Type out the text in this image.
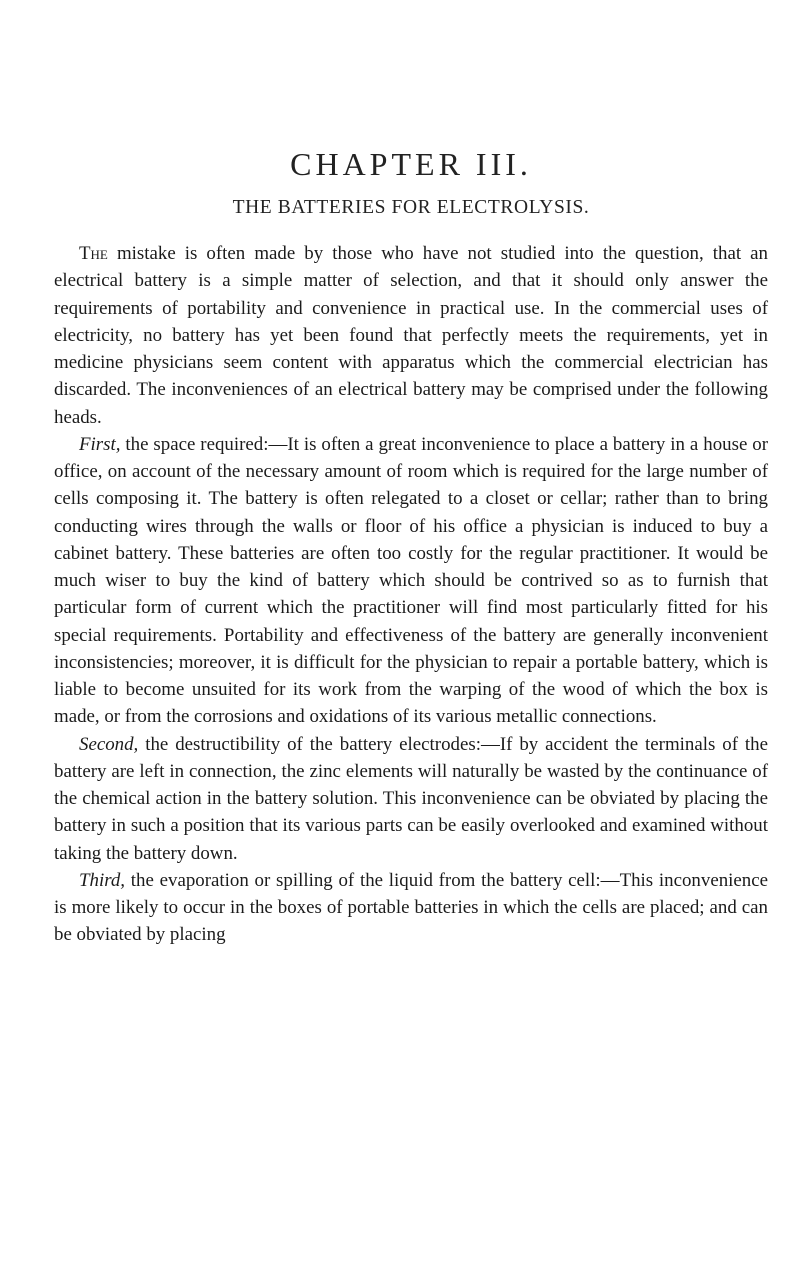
CHAPTER III.
THE BATTERIES FOR ELECTROLYSIS.

The mistake is often made by those who have not studied into the question, that an electrical battery is a simple matter of selection, and that it should only answer the requirements of portability and convenience in practical use. In the commercial uses of electricity, no battery has yet been found that perfectly meets the requirements, yet in medicine physicians seem content with apparatus which the commercial electrician has discarded. The inconveniences of an electrical battery may be comprised under the following heads.

First, the space required:—It is often a great inconvenience to place a battery in a house or office, on account of the necessary amount of room which is required for the large number of cells composing it. The battery is often relegated to a closet or cellar; rather than to bring conducting wires through the walls or floor of his office a physician is induced to buy a cabinet battery. These batteries are often too costly for the regular practitioner. It would be much wiser to buy the kind of battery which should be contrived so as to furnish that particular form of current which the practitioner will find most particularly fitted for his special requirements. Portability and effectiveness of the battery are generally inconvenient inconsistencies; moreover, it is difficult for the physician to repair a portable battery, which is liable to become unsuited for its work from the warping of the wood of which the box is made, or from the corrosions and oxidations of its various metallic connections.

Second, the destructibility of the battery electrodes:—If by accident the terminals of the battery are left in connection, the zinc elements will naturally be wasted by the continuance of the chemical action in the battery solution. This inconvenience can be obviated by placing the battery in such a position that its various parts can be easily overlooked and examined without taking the battery down.

Third, the evaporation or spilling of the liquid from the battery cell:—This inconvenience is more likely to occur in the boxes of portable batteries in which the cells are placed; and can be obviated by placing
